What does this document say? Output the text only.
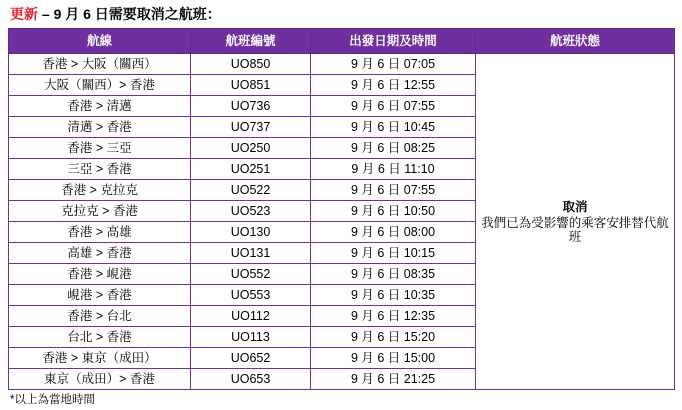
更新 – 9 月 6 日需要取消之航班：
航線	航班編號	出發日期及時間	航班狀態
香港 > 大阪（關西）	UO850	9 月 6 日 07:05	取消
我們已為受影響的乘客安排替代航班

大阪（關西）> 香港	UO851	9 月 6 日 12:55	
香港 > 清邁	UO736	9 月 6 日 07:55	
清邁 > 香港	UO737	9 月 6 日 10:45	
香港 > 三亞	UO250	9 月 6 日 08:25	
三亞 > 香港	UO251	9 月 6 日 11:10	
香港 > 克拉克	UO522	9 月 6 日 07:55	
克拉克 > 香港	UO523	9 月 6 日 10:50	
香港 > 高雄	UO130	9 月 6 日 08:00	
高雄 > 香港	UO131	9 月 6 日 10:15	
香港 > 峴港	UO552	9 月 6 日 08:35	
峴港 > 香港	UO553	9 月 6 日 10:35	
香港 > 台北	UO112	9 月 6 日 12:35	
台北 > 香港	UO113	9 月 6 日 15:20	
香港 > 東京（成田）	UO652	9 月 6 日 15:00	
東京（成田）> 香港	UO653	9 月 6 日 21:25	
*以上為當地時間
